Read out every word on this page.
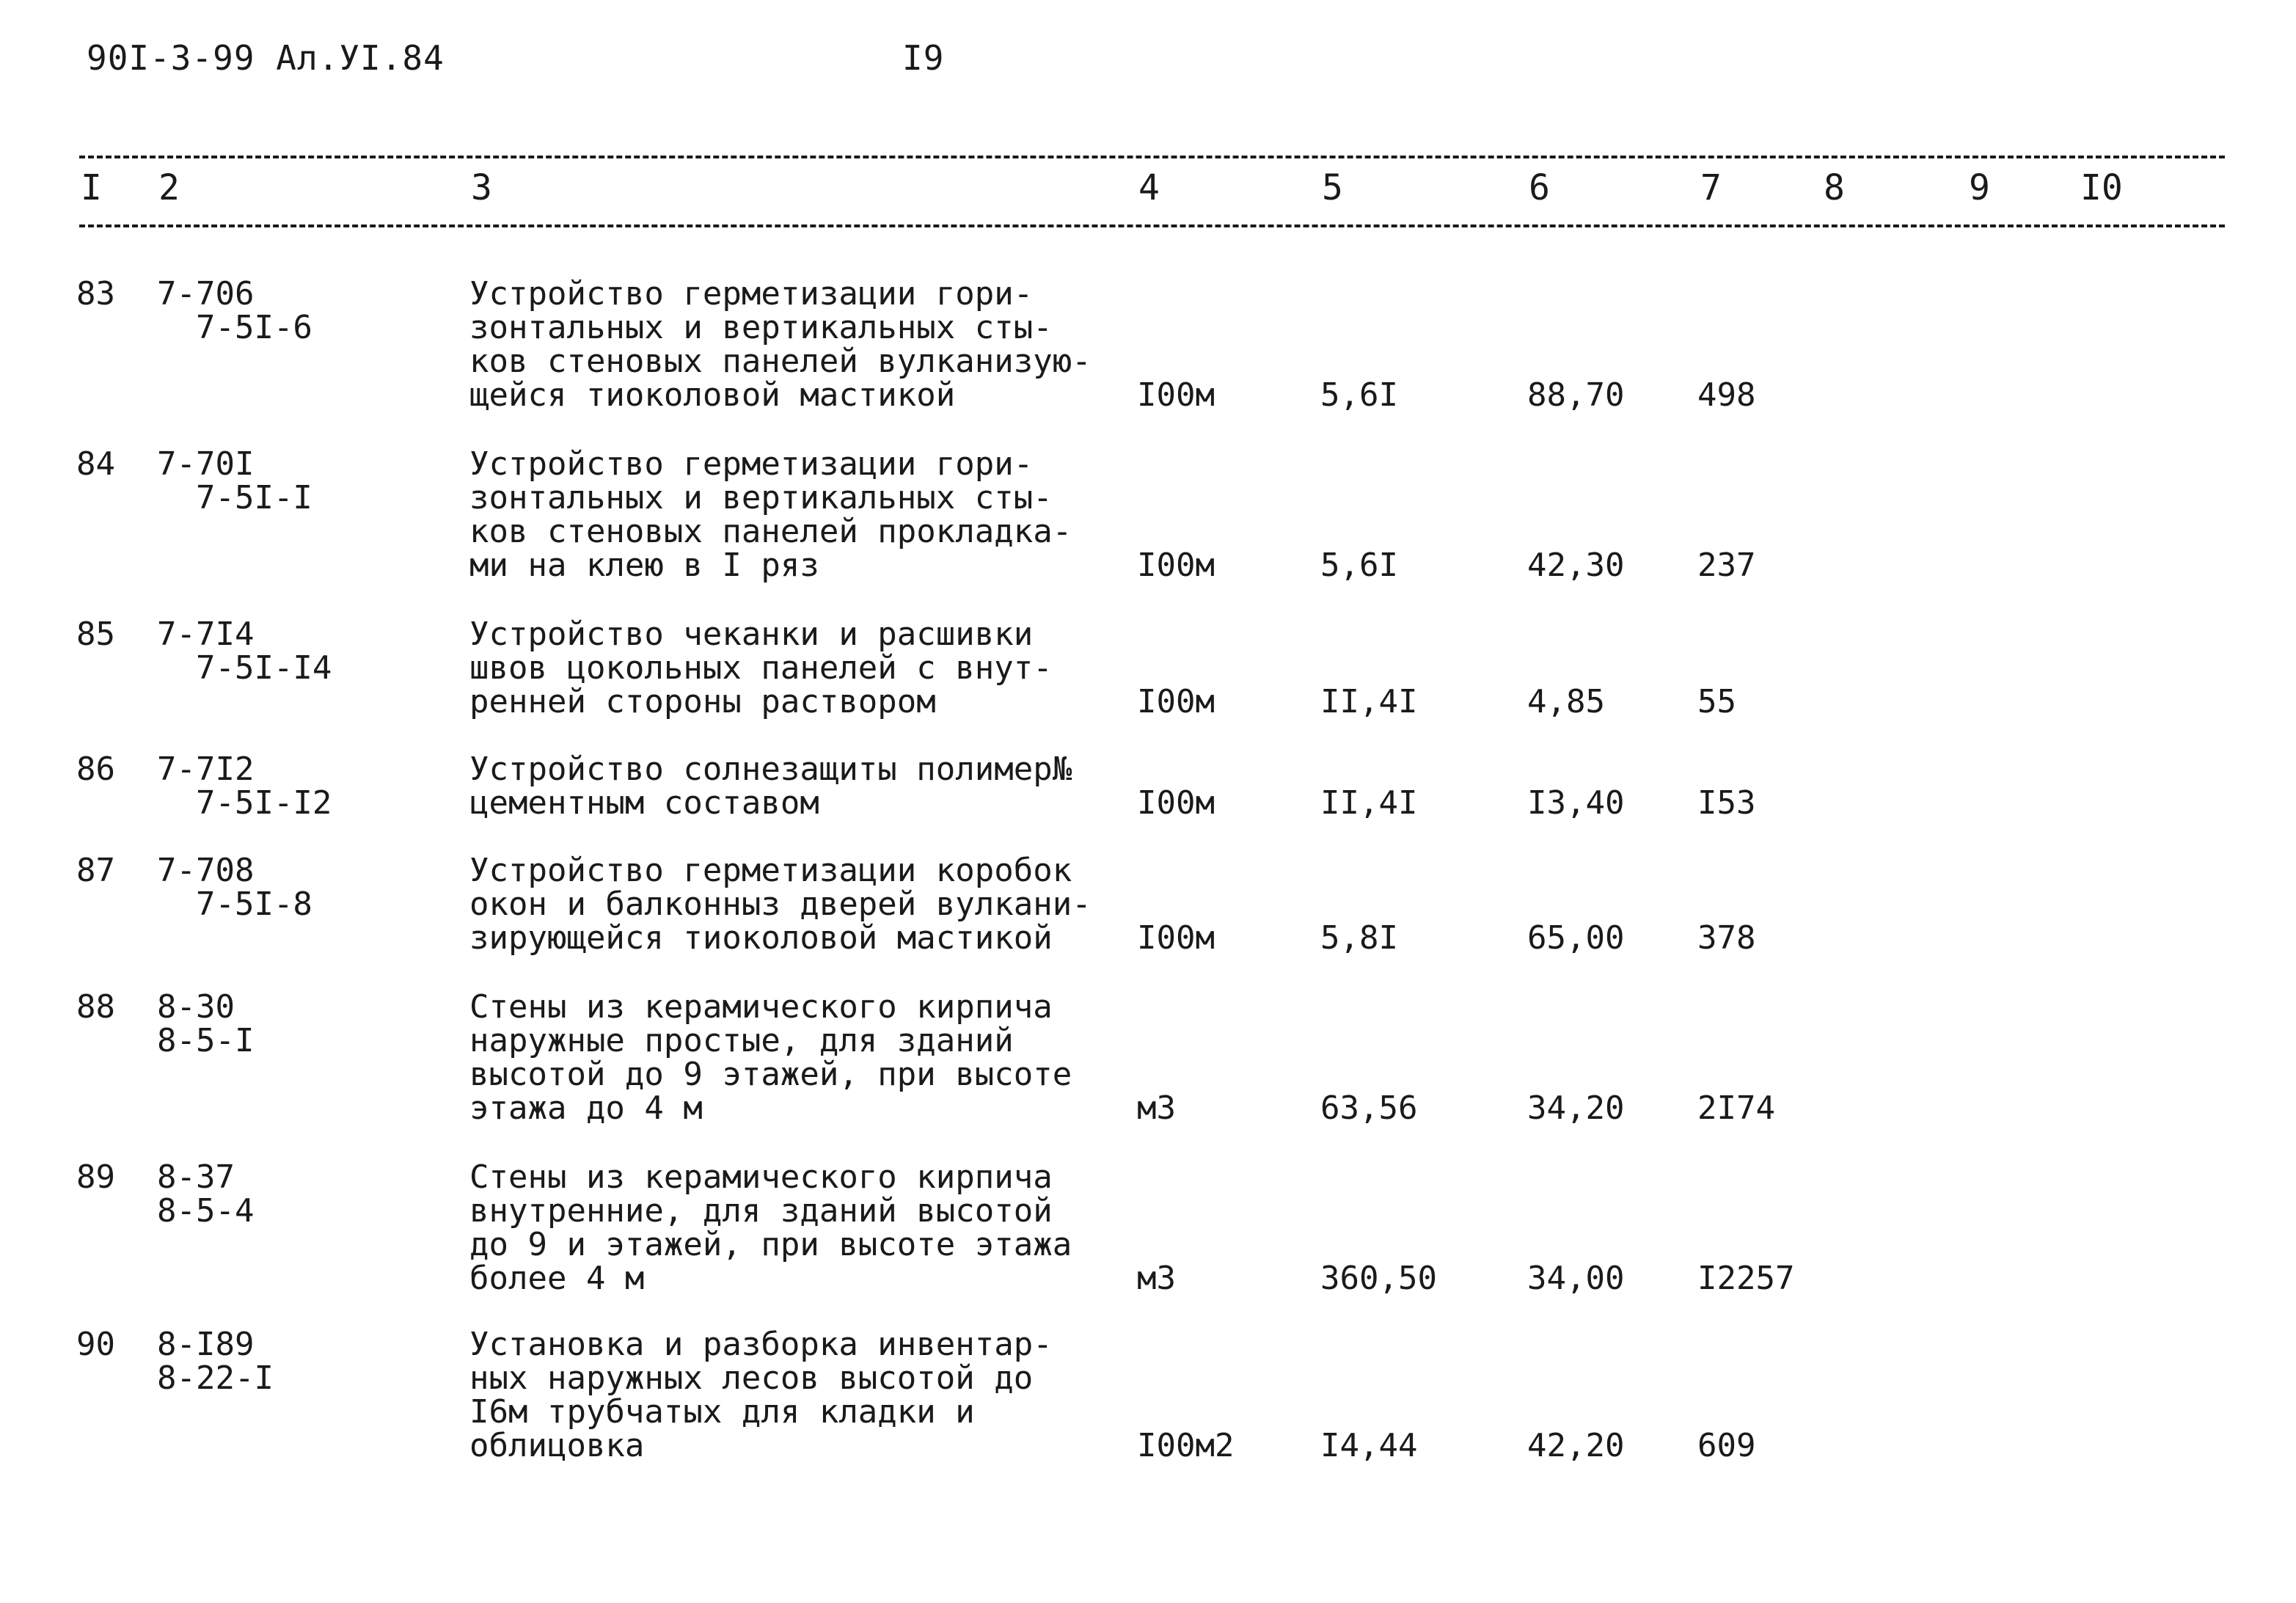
90I-3-99 Ал.УI.84	I9
I 2	3	4	5	6	7	8	9	I0
83 7-706
7-5I-6
Устройство герметизации гори-
зонтальных и вертикальных сты-
ков стеновых панелей вулканизую-
щейся тиоколовой мастикой	I00м	5,6I	88,70 498
84 7-70I
7-5I-I
Устройство герметизации гори-
зонтальных и вертикальных сты-
ков стеновых панелей прокладка-
ми на клею в I ряз	I00м	5,6I	42,30 237
85 7-7I4
7-5I-I4
Устройство чеканки и расшивки
швов цокольных панелей с внут-
ренней стороны раствором	I00м	II,4I	4,85	55
86 7-7I2
7-5I-I2
Устройство солнезащиты полимер№
цементным составом	I00м	II,4I	I3,40 I53
87 7-708
7-5I-8
Устройство герметизации коробок
окон и балконныз дверей вулкани-
зирующейся тиоколовой мастикой	I00м	5,8I	65,00 378
88 8-30
8-5-I
Стены из керамического кирпича
наружные простые, для зданий
высотой до 9 этажей, при высоте
этажа до 4 м	м3	63,56	34,20 2I74
89 8-37
8-5-4
Стены из керамического кирпича
внутренние, для зданий высотой
до 9 и этажей, при высоте этажа
более 4 м	м3	360,50	34,00 I2257
90 8-I89
8-22-I
Установка и разборка инвентар-
ных наружных лесов высотой до
I6м трубчатых для кладки и
облицовка	I00м2	I4,44	42,20 609
